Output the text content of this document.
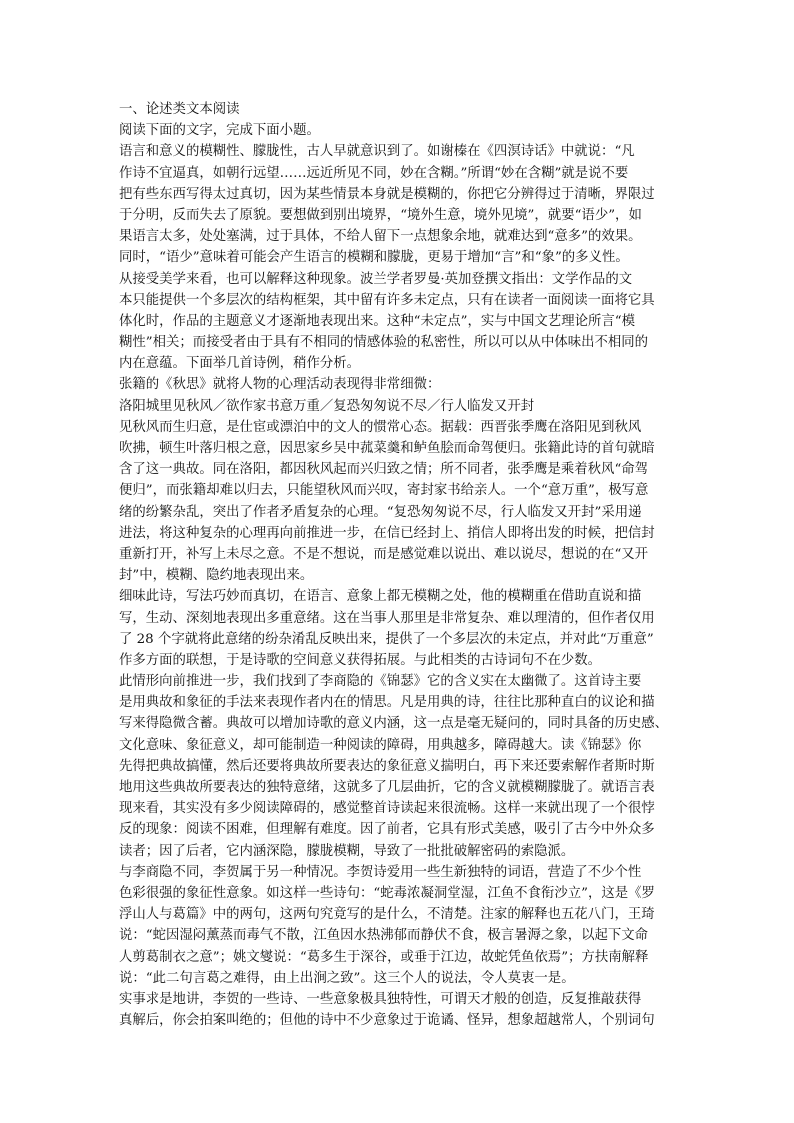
一、论述类文本阅读
阅读下面的文字，完成下面小题。
语言和意义的模糊性、朦胧性，古人早就意识到了。如谢榛在《四溟诗话》中就说：“凡
作诗不宜逼真，如朝行远望……远近所见不同，妙在含糊。”所谓“妙在含糊”就是说不要
把有些东西写得太过真切，因为某些情景本身就是模糊的，你把它分辨得过于清晰，界限过
于分明，反而失去了原貌。要想做到别出境界，“境外生意，境外见境”，就要“语少”，如
果语言太多，处处塞满，过于具体，不给人留下一点想象余地，就难达到“意多”的效果。
同时，“语少”意味着可能会产生语言的模糊和朦胧，更易于增加“言”和“象”的多义性。
从接受美学来看，也可以解释这种现象。波兰学者罗曼·英加登撰文指出：文学作品的文
本只能提供一个多层次的结构框架，其中留有许多未定点，只有在读者一面阅读一面将它具
体化时，作品的主题意义才逐渐地表现出来。这种“未定点”，实与中国文艺理论所言“模
糊性”相关；而接受者由于具有不相同的情感体验的私密性，所以可以从中体味出不相同的
内在意蕴。下面举几首诗例，稍作分析。
张籍的《秋思》就将人物的心理活动表现得非常细微：
洛阳城里见秋风／欲作家书意万重／复恐匆匆说不尽／行人临发又开封
见秋风而生归意，是仕宦或漂泊中的文人的惯常心态。据载：西晋张季鹰在洛阳见到秋风
吹拂，顿生叶落归根之意，因思家乡吴中菰菜羹和鲈鱼脍而命驾便归。张籍此诗的首句就暗
含了这一典故。同在洛阳，都因秋风起而兴归致之情；所不同者，张季鹰是乘着秋风“命驾
便归”，而张籍却难以归去，只能望秋风而兴叹，寄封家书给亲人。一个“意万重”，极写意
绪的纷繁杂乱，突出了作者矛盾复杂的心理。“复恐匆匆说不尽，行人临发又开封”采用递
进法，将这种复杂的心理再向前推进一步，在信已经封上、捎信人即将出发的时候，把信封
重新打开，补写上未尽之意。不是不想说，而是感觉难以说出、难以说尽，想说的在“又开
封”中，模糊、隐约地表现出来。
细味此诗，写法巧妙而真切，在语言、意象上都无模糊之处，他的模糊重在借助直说和描
写，生动、深刻地表现出多重意绪。这在当事人那里是非常复杂、难以理清的，但作者仅用
了 28 个字就将此意绪的纷杂淆乱反映出来，提供了一个多层次的未定点，并对此“万重意”
作多方面的联想，于是诗歌的空间意义获得拓展。与此相类的古诗词句不在少数。
此情形向前推进一步，我们找到了李商隐的《锦瑟》它的含义实在太幽微了。这首诗主要
是用典故和象征的手法来表现作者内在的情思。凡是用典的诗，往往比那种直白的议论和描
写来得隐微含蓄。典故可以增加诗歌的意义内涵，这一点是毫无疑问的，同时具备的历史感、
文化意味、象征意义，却可能制造一种阅读的障碍，用典越多，障碍越大。读《锦瑟》你
先得把典故搞懂，然后还要将典故所要表达的象征意义揣明白，再下来还要索解作者斯时斯
地用这些典故所要表达的独特意绪，这就多了几层曲折，它的含义就模糊朦胧了。就语言表
现来看，其实没有多少阅读障碍的，感觉整首诗读起来很流畅。这样一来就出现了一个很悖
反的现象：阅读不困难，但理解有难度。因了前者，它具有形式美感，吸引了古今中外众多
读者；因了后者，它内涵深隐，朦胧模糊，导致了一批批破解密码的索隐派。
与李商隐不同，李贺属于另一种情况。李贺诗爱用一些生新独特的词语，营造了不少个性
色彩很强的象征性意象。如这样一些诗句：“蛇毒浓凝洞堂湿，江鱼不食衔沙立”，这是《罗
浮山人与葛篇》中的两句，这两句究竟写的是什么，不清楚。注家的解释也五花八门，王琦
说：“蛇因湿闷薰蒸而毒气不散，江鱼因水热沸郁而静伏不食，极言暑溽之象，以起下文命
人剪葛制衣之意”；姚文燮说：“葛多生于深谷，或垂于江边，故蛇凭鱼依焉”；方扶南解释
说：“此二句言葛之难得，由上出涧之致”。这三个人的说法，令人莫衷一是。
实事求是地讲，李贺的一些诗、一些意象极具独特性，可谓天才般的创造，反复推敲获得
真解后，你会拍案叫绝的；但他的诗中不少意象过于诡谲、怪异，想象超越常人，个别词句
